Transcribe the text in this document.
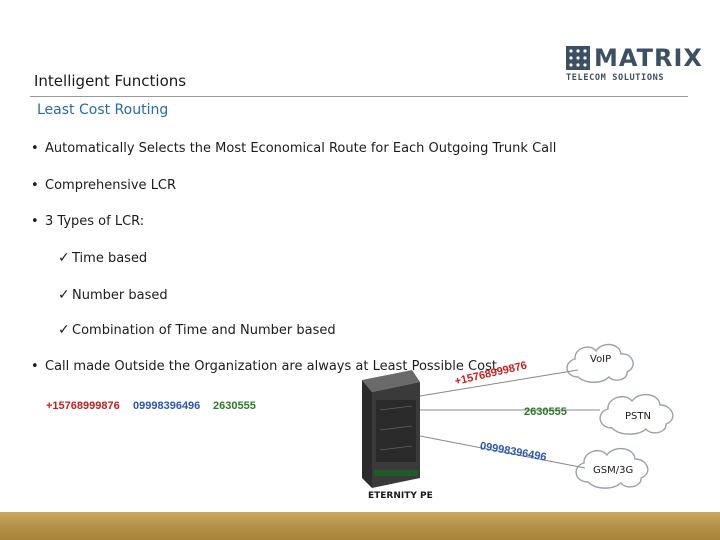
MATRIX
TELECOM SOLUTIONS
Intelligent Functions
Least Cost Routing
• Automatically Selects the Most Economical Route for Each Outgoing Trunk Call
• Comprehensive LCR
• 3 Types of LCR:
✓ Time based
✓ Number based
✓ Combination of Time and Number based
• Call made Outside the Organization are always at Least Possible Cost
+15768999876 09998396496 2630555
+15768999876
2630555
09998396496
VoIP
PSTN
GSM/3G
ETERNITY PE
